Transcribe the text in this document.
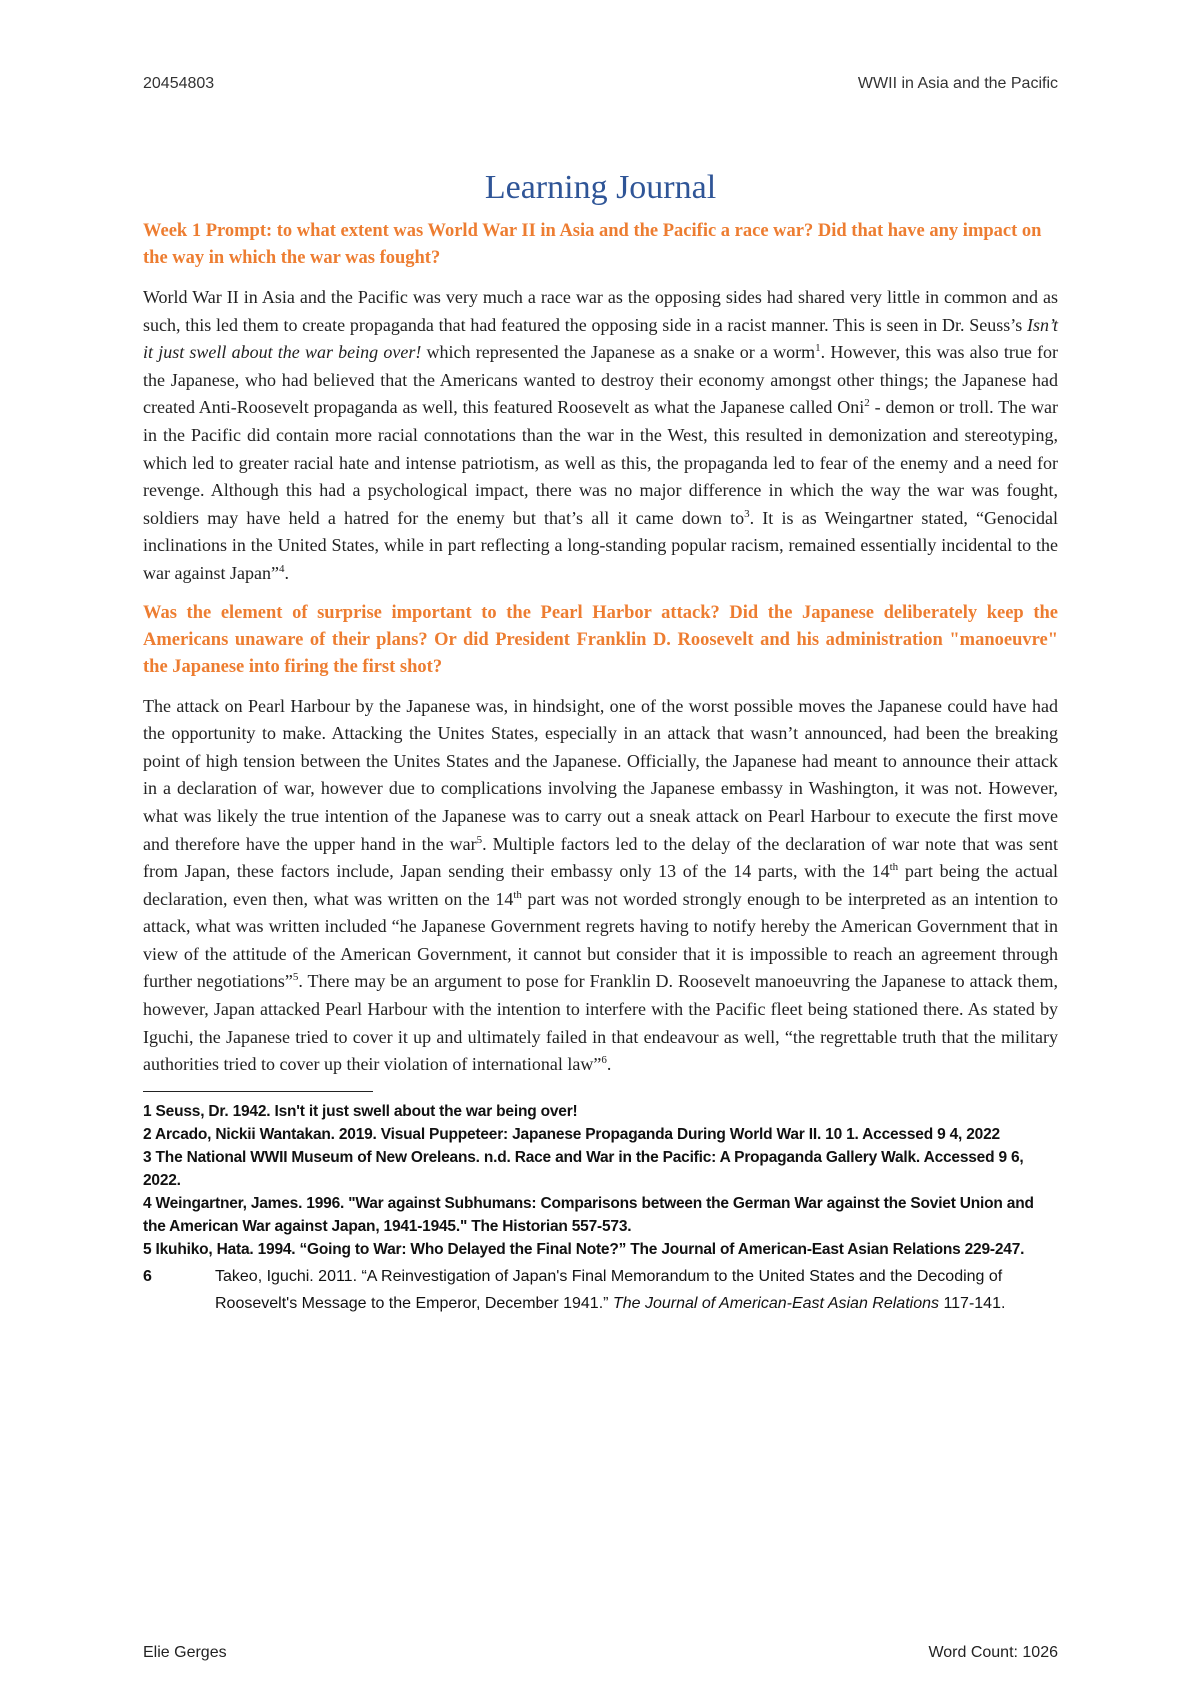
20454803	WWII in Asia and the Pacific
Learning Journal

Week 1 Prompt: to what extent was World War II in Asia and the Pacific a race war? Did that have any impact on the way in which the war was fought?

World War II in Asia and the Pacific was very much a race war as the opposing sides had shared very little in common and as such, this led them to create propaganda that had featured the opposing side in a racist manner. This is seen in Dr. Seuss’s Isn’t it just swell about the war being over! which represented the Japanese as a snake or a worm$^1$. However, this was also true for the Japanese, who had believed that the Americans wanted to destroy their economy amongst other things; the Japanese had created Anti-Roosevelt propaganda as well, this featured Roosevelt as what the Japanese called Oni$^2$ - demon or troll. The war in the Pacific did contain more racial connotations than the war in the West, this resulted in demonization and stereotyping, which led to greater racial hate and intense patriotism, as well as this, the propaganda led to fear of the enemy and a need for revenge. Although this had a psychological impact, there was no major difference in which the way the war was fought, soldiers may have held a hatred for the enemy but that’s all it came down $to^3$. It is as Weingartner stated, “Genocidal inclinations in the United States, while in part reflecting a long-standing popular racism, remained essentially incidental to the war against Japan”$^4$.

Was the element of surprise important to the Pearl Harbor attack? Did the Japanese deliberately keep the Americans unaware of their plans? Or did President Franklin D. Roosevelt and his administration "manoeuvre" the Japanese into firing the first shot?

The attack on Pearl Harbour by the Japanese was, in hindsight, one of the worst possible moves the Japanese could have had the opportunity to make. Attacking the Unites States, especially in an attack that wasn’t announced, had been the breaking point of high tension between the Unites States and the Japanese. Officially, the Japanese had meant to announce their attack in a declaration of war, however due to complications involving the Japanese embassy in Washington, it was not. However, what was likely the true intention of the Japanese was to carry out a sneak attack on Pearl Harbour to execute the first move and therefore have the upper hand in the war$^5$. Multiple factors led to the delay of the declaration of war note that was sent from Japan, these factors include, Japan sending their embassy only 13 of the 14 parts, with the 14th part being the actual declaration, even then, what was written on the 14th part was not worded strongly enough to be interpreted as an intention to attack, what was written included “he Japanese Government regrets having to notify hereby the American Government that in view of the attitude of the American Government, it cannot but consider that it is impossible to reach an agreement through further negotiations”$^5$. There may be an argument to pose for Franklin D. Roosevelt manoeuvring the Japanese to attack them, however, Japan attacked Pearl Harbour with the intention to interfere with the Pacific fleet being stationed there. As stated by Iguchi, the Japanese tried to cover it up and ultimately failed in that endeavour as well, “the regrettable truth that the military authorities tried to cover up their violation of international law”$^6$.

1 Seuss, Dr. 1942. Isn't it just swell about the war being over!

2 Arcado, Nickii Wantakan. 2019. Visual Puppeteer: Japanese Propaganda During World War II. 10 1. Accessed 9 4, 2022

3 The National WWII Museum of New Oreleans. n.d. Race and War in the Pacific: A Propaganda Gallery Walk. Accessed 9 6, 2022.

4 Weingartner, James. 1996. "War against Subhumans: Comparisons between the German War against the Soviet Union and the American War against Japan, 1941-1945." The Historian 557-573.

5 Ikuhiko, Hata. 1994. “Going to War: Who Delayed the Final Note?” The Journal of American-East Asian Relations 229-247.

6	Takeo, Iguchi. 2011. “A Reinvestigation of Japan's Final Memorandum to the United States and the Decoding of Roosevelt's Message to the Emperor, December 1941.” The Journal of American-East Asian Relations 117-141.
Elie Gerges	Word Count: 1026
